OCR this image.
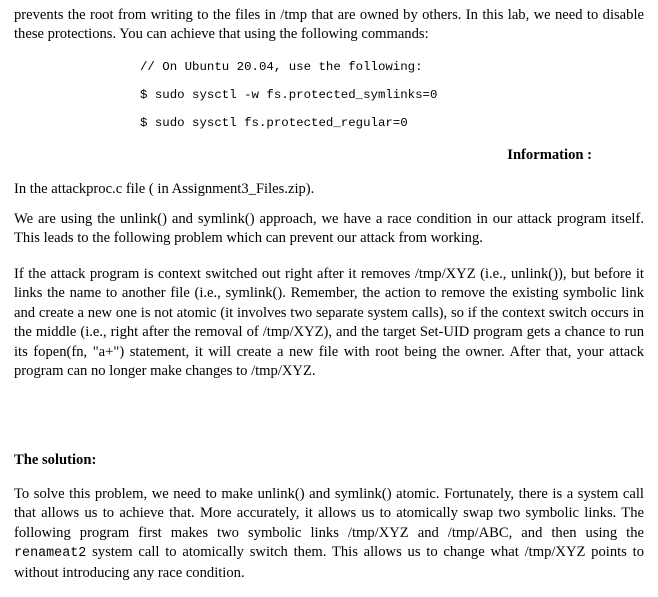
prevents the root from writing to the files in /tmp that are owned by others. In this lab, we need to disable these protections. You can achieve that using the following commands:

// On Ubuntu 20.04, use the following:
$ sudo sysctl -w fs.protected_symlinks=0
$ sudo sysctl fs.protected_regular=0

Information :

In the attackproc.c file ( in Assignment3_Files.zip).

We are using the unlink() and symlink() approach, we have a race condition in our attack program itself. This leads to the following problem which can prevent our attack from working.

If the attack program is context switched out right after it removes /tmp/XYZ (i.e., unlink()), but before it links the name to another file (i.e., symlink(). Remember, the action to remove the existing symbolic link and create a new one is not atomic (it involves two separate system calls), so if the context switch occurs in the middle (i.e., right after the removal of /tmp/XYZ), and the target Set-UID program gets a chance to run its fopen(fn, "a+") statement, it will create a new file with root being the owner. After that, your attack program can no longer make changes to /tmp/XYZ.

The solution:

To solve this problem, we need to make unlink() and symlink() atomic. Fortunately, there is a system call that allows us to achieve that. More accurately, it allows us to atomically swap two symbolic links. The following program first makes two symbolic links /tmp/XYZ and /tmp/ABC, and then using the renameat2 system call to atomically switch them. This allows us to change what /tmp/XYZ points to without introducing any race condition.
